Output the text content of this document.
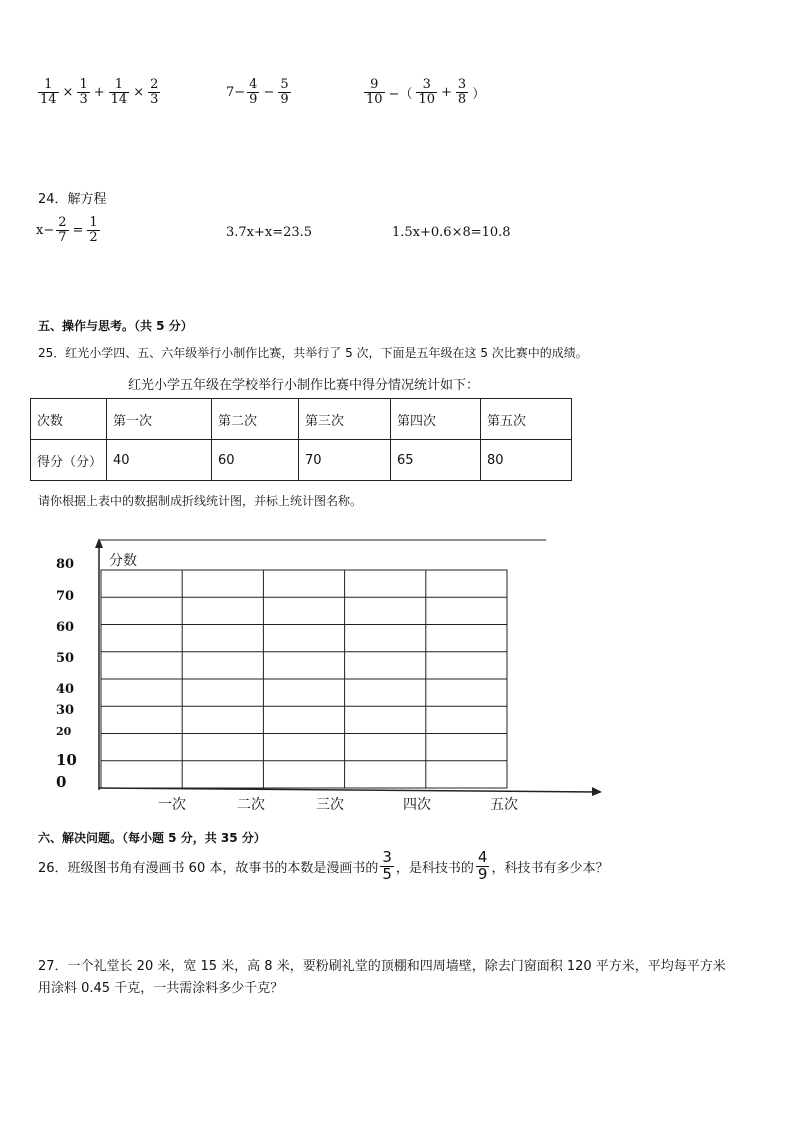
$\frac{1}{14} \times \frac{1}{3} + \frac{1}{14} \times \frac{2}{3}$	$7- \frac{4}{9} - \frac{5}{9}$	$\frac{9}{10}$ −（ $\frac{3}{10} + \frac{3}{8}$ ）
24．解方程
$x- \frac{2}{7} = \frac{1}{2}$	3.7x+x=23.5	1.5x+0.6×8=10.8
五、操作与思考。（共 5 分）
25．红光小学四、五、六年级举行小制作比赛，共举行了 5 次，下面是五年级在这 5 次比赛中的成绩。
红光小学五年级在学校举行小制作比赛中得分情况统计如下：
次数	第一次	第二次	第三次	第四次	第五次
得分（分）	40	60	70	65	80
请你根据上表中的数据制成折线统计图，并标上统计图名称。
分数
80
70
60
50
40
30
20
10
0
一次	二次	三次	四次	五次
六、解决问题。（每小题 5 分，共 35 分）
26．班级图书角有漫画书 60 本，故事书的本数是漫画书的 $\frac{3}{5}$ ，是科技书的 $\frac{4}{9}$ ，科技书有多少本？
27．一个礼堂长 20 米，宽 15 米，高 8 米，要粉刷礼堂的顶棚和四周墙壁，除去门窗面积 120 平方米，平均每平方米
用涂料 0.45 千克，一共需涂料多少千克？
